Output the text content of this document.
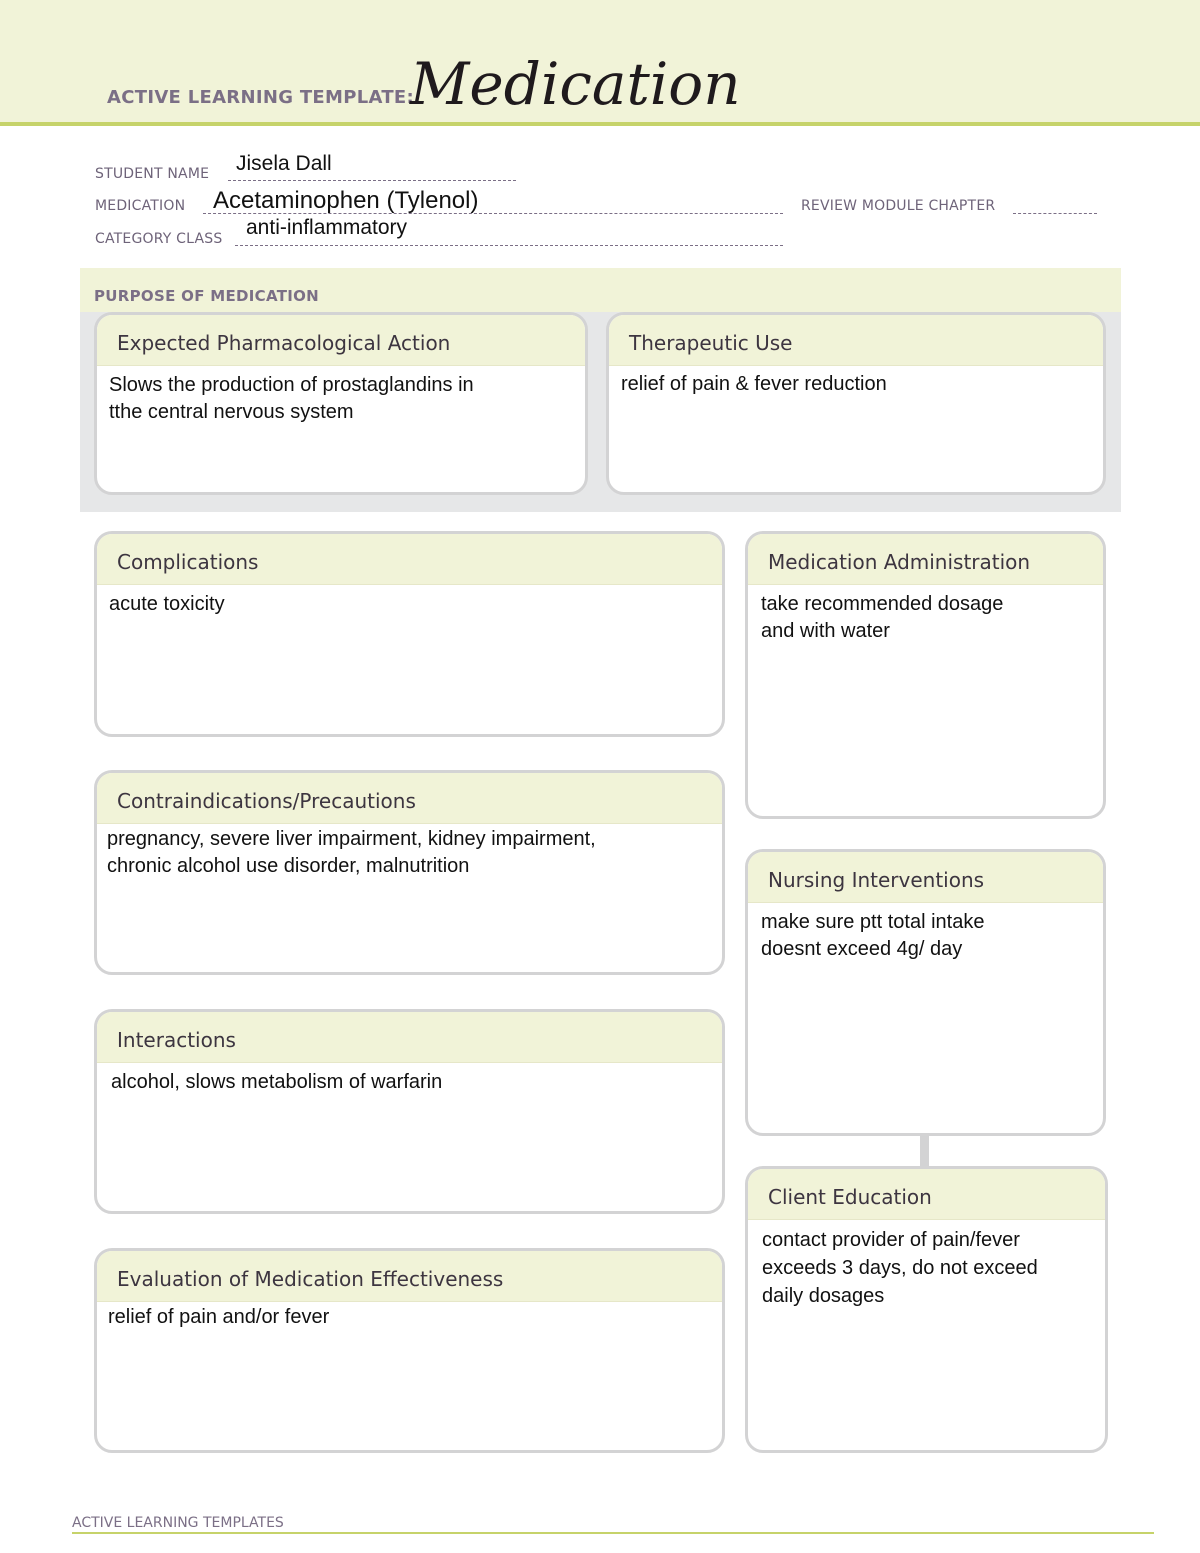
ACTIVE LEARNING TEMPLATE:
Medication
STUDENT NAME Jisela Dall
MEDICATION Acetaminophen (Tylenol)	REVIEW MODULE CHAPTER
CATEGORY CLASS anti-inflammatory
PURPOSE OF MEDICATION
Expected Pharmacological Action
Slows the production of prostaglandins in
tthe central nervous system
Therapeutic Use
relief of pain & fever reduction
Complications
acute toxicity
Contraindications/Precautions
pregnancy, severe liver impairment, kidney impairment,
chronic alcohol use disorder, malnutrition
Interactions
alcohol, slows metabolism of warfarin
Evaluation of Medication Effectiveness
relief of pain and/or fever
Medication Administration
take recommended dosage
and with water
Nursing Interventions
make sure ptt total intake
doesnt exceed 4g/ day
Client Education
contact provider of pain/fever
exceeds 3 days, do not exceed
daily dosages
ACTIVE LEARNING TEMPLATES
